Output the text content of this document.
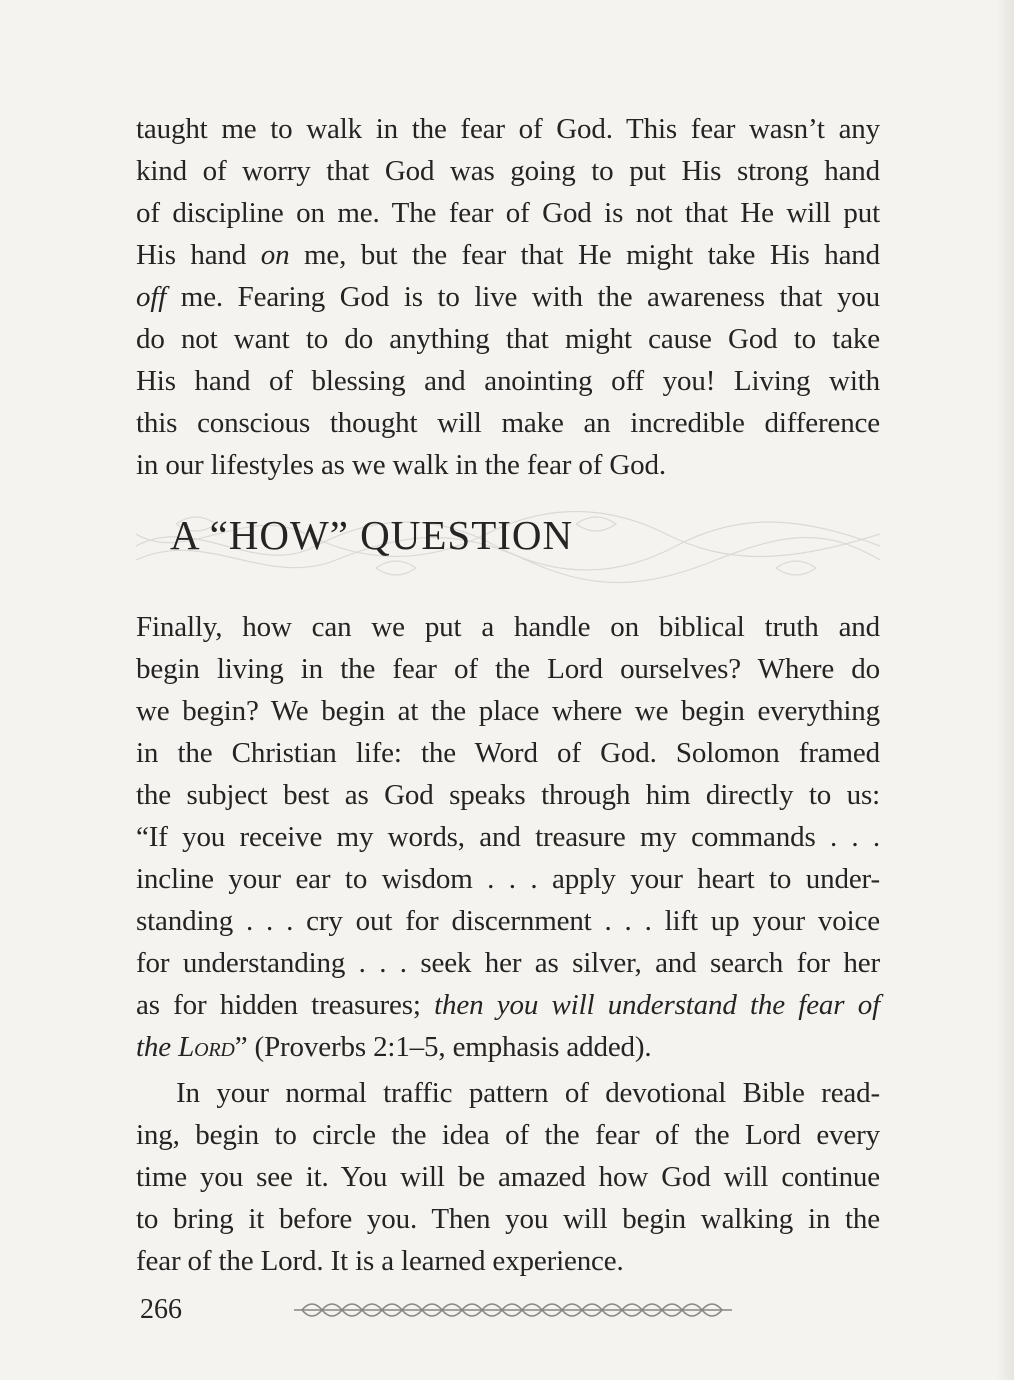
taught me to walk in the fear of God. This fear wasn’t any
kind of worry that God was going to put His strong hand
of discipline on me. The fear of God is not that He will put
His hand on me, but the fear that He might take His hand
off me. Fearing God is to live with the awareness that you
do not want to do anything that might cause God to take
His hand of blessing and anointing off you! Living with
this conscious thought will make an incredible difference
in our lifestyles as we walk in the fear of God.
A “HOW” QUESTION
Finally, how can we put a handle on biblical truth and
begin living in the fear of the Lord ourselves? Where do
we begin? We begin at the place where we begin everything
in the Christian life: the Word of God. Solomon framed
the subject best as God speaks through him directly to us:
“If you receive my words, and treasure my commands . . .
incline your ear to wisdom . . . apply your heart to under-
standing . . . cry out for discernment . . . lift up your voice
for understanding . . . seek her as silver, and search for her
as for hidden treasures; then you will understand the fear of
the Lord” (Proverbs 2:1–5, emphasis added).
In your normal traffic pattern of devotional Bible read-
ing, begin to circle the idea of the fear of the Lord every
time you see it. You will be amazed how God will continue
to bring it before you. Then you will begin walking in the
fear of the Lord. It is a learned experience.
266
